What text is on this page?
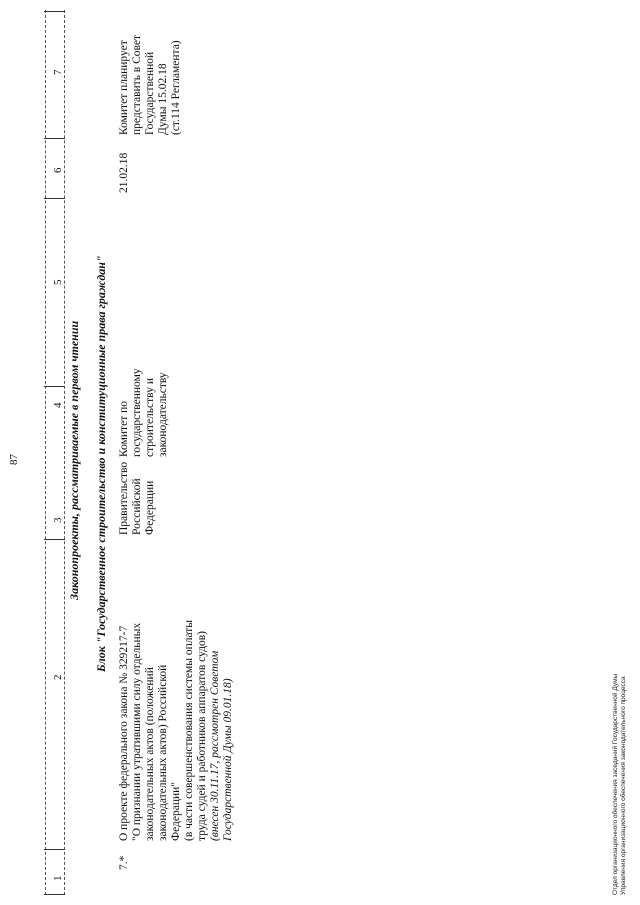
87
1
2
3
4
5
6
7
Законопроекты, рассматриваемые в первом чтении Блок "Государственное строительство и конституционные права граждан"
7.*
О проекте федерального закона № 329217-7 "О признании утратившими силу отдельных законодательных актов (положений законодательных актов) Российской Федерации" (в части совершенствования системы оплаты труда судей и работников аппаратов судов) (внесен 30.11.17, рассмотрен Советом Государственной Думы 09.01.18)
Правительство Российской Федерации
Комитет по государственному строительству и законодательству
21.02.18
Комитет планирует представить в Совет Государственной Думы 15.02.18 (ст.114 Регламента)
Отдел организационного обеспечения заседаний Государственной Думы Управления организационного обеспечения законодательного процесса
